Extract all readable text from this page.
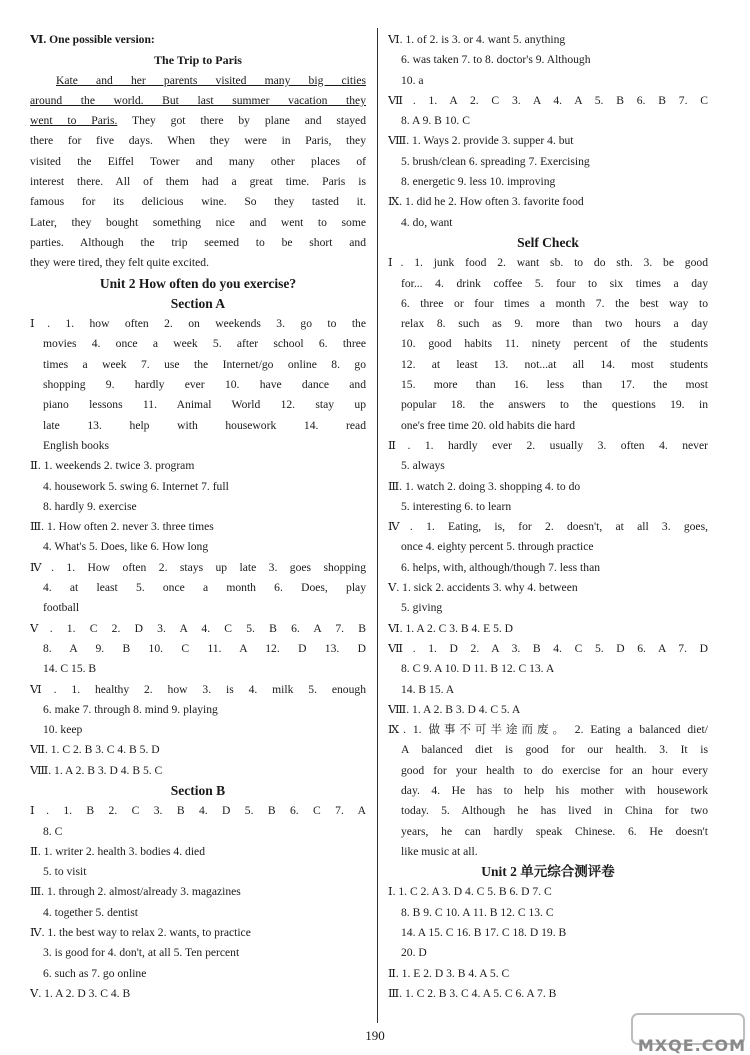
Ⅵ. One possible version:
The Trip to Paris
Kate and her parents visited many big cities
around the world. But last summer vacation they
went to Paris. They got there by plane and stayed
there for five days. When they were in Paris, they
visited the Eiffel Tower and many other places of
interest there. All of them had a great time. Paris is
famous for its delicious wine. So they tasted it.
Later, they bought something nice and went to some
parties. Although the trip seemed to be short and
they were tired, they felt quite excited.
Unit 2 How often do you exercise?
Section A
Ⅰ. 1. how often 2. on weekends 3. go to the
movies 4. once a week 5. after school 6. three
times a week 7. use the Internet/go online 8. go
shopping 9. hardly ever 10. have dance and
piano lessons 11. Animal World 12. stay up
late 13. help with housework 14. read
English books
Ⅱ. 1. weekends 2. twice 3. program
4. housework 5. swing 6. Internet 7. full
8. hardly 9. exercise
Ⅲ. 1. How often 2. never 3. three times
4. What's 5. Does, like 6. How long
Ⅳ. 1. How often 2. stays up late 3. goes shopping
4. at least 5. once a month 6. Does, play
football
Ⅴ. 1. C 2. D 3. A 4. C 5. B 6. A 7. B
8. A 9. B 10. C 11. A 12. D 13. D
14. C 15. B
Ⅵ. 1. healthy 2. how 3. is 4. milk 5. enough
6. make 7. through 8. mind 9. playing
10. keep
Ⅶ. 1. C 2. B 3. C 4. B 5. D
Ⅷ. 1. A 2. B 3. D 4. B 5. C
Section B
Ⅰ. 1. B 2. C 3. B 4. D 5. B 6. C 7. A
8. C
Ⅱ. 1. writer 2. health 3. bodies 4. died
5. to visit
Ⅲ. 1. through 2. almost/already 3. magazines
4. together 5. dentist
Ⅳ. 1. the best way to relax 2. wants, to practice
3. is good for 4. don't, at all 5. Ten percent
6. such as 7. go online
Ⅴ. 1. A 2. D 3. C 4. B
Ⅵ. 1. of 2. is 3. or 4. want 5. anything
6. was taken 7. to 8. doctor's 9. Although
10. a
Ⅶ. 1. A 2. C 3. A 4. A 5. B 6. B 7. C
8. A 9. B 10. C
Ⅷ. 1. Ways 2. provide 3. supper 4. but
5. brush/clean 6. spreading 7. Exercising
8. energetic 9. less 10. improving
Ⅸ. 1. did he 2. How often 3. favorite food
4. do, want
Self Check
Ⅰ. 1. junk food 2. want sb. to do sth. 3. be good
for... 4. drink coffee 5. four to six times a day
6. three or four times a month 7. the best way to
relax 8. such as 9. more than two hours a day
10. good habits 11. ninety percent of the students
12. at least 13. not...at all 14. most students
15. more than 16. less than 17. the most
popular 18. the answers to the questions 19. in
one's free time 20. old habits die hard
Ⅱ. 1. hardly ever 2. usually 3. often 4. never
5. always
Ⅲ. 1. watch 2. doing 3. shopping 4. to do
5. interesting 6. to learn
Ⅳ. 1. Eating, is, for 2. doesn't, at all 3. goes,
once 4. eighty percent 5. through practice
6. helps, with, although/though 7. less than
Ⅴ. 1. sick 2. accidents 3. why 4. between
5. giving
Ⅵ. 1. A 2. C 3. B 4. E 5. D
Ⅶ. 1. D 2. A 3. B 4. C 5. D 6. A 7. D
8. C 9. A 10. D 11. B 12. C 13. A
14. B 15. A
Ⅷ. 1. A 2. B 3. D 4. C 5. A
Ⅸ. 1. 做事不可半途而废。 2. Eating a balanced diet/
A balanced diet is good for our health. 3. It is
good for your health to do exercise for an hour every
day. 4. He has to help his mother with housework
today. 5. Although he has lived in China for two
years, he can hardly speak Chinese. 6. He doesn't
like music at all.
Unit 2 单元综合测评卷
Ⅰ. 1. C 2. A 3. D 4. C 5. B 6. D 7. C
8. B 9. C 10. A 11. B 12. C 13. C
14. A 15. C 16. B 17. C 18. D 19. B
20. D
Ⅱ. 1. E 2. D 3. B 4. A 5. C
Ⅲ. 1. C 2. B 3. C 4. A 5. C 6. A 7. B
190
MXQE.COM
